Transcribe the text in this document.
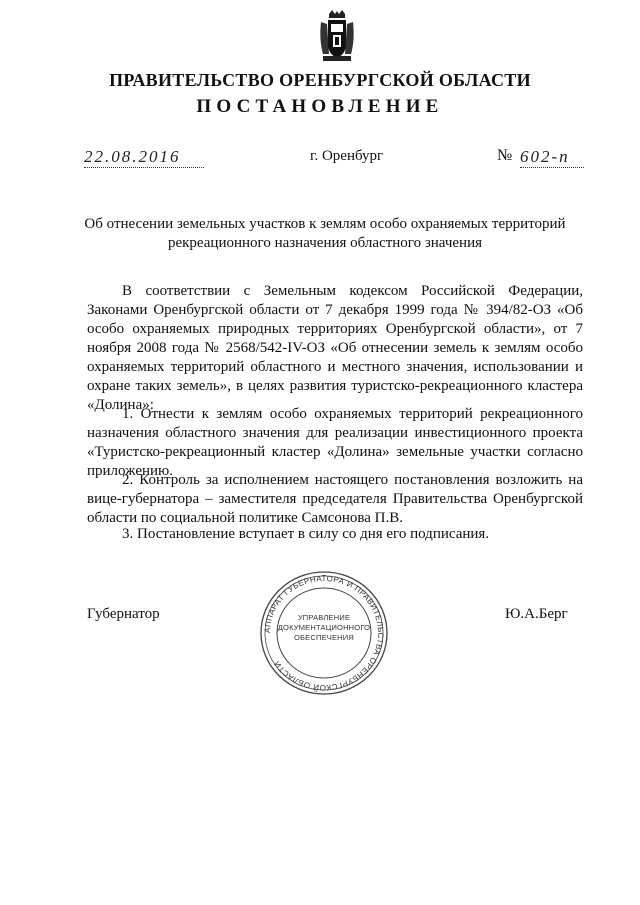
ПРАВИТЕЛЬСТВО ОРЕНБУРГСКОЙ ОБЛАСТИ
ПОСТАНОВЛЕНИЕ
22.08.2016	г. Оренбург	№ 602-п
Об отнесении земельных участков к землям особо охраняемых территорий рекреационного назначения областного значения
В соответствии с Земельным кодексом Российской Федерации, Законами Оренбургской области от 7 декабря 1999 года № 394/82-ОЗ «Об особо охраняемых природных территориях Оренбургской области», от 7 ноября 2008 года № 2568/542-IV-ОЗ «Об отнесении земель к землям особо охраняемых территорий областного и местного значения, использовании и охране таких земель», в целях развития туристско-рекреационного кластера «Долина»:
1. Отнести к землям особо охраняемых территорий рекреационного назначения областного значения для реализации инвестиционного проекта «Туристско-рекреационный кластер «Долина» земельные участки согласно приложению.
2. Контроль за исполнением настоящего постановления возложить на вице-губернатора – заместителя председателя Правительства Оренбургской области по социальной политике Самсонова П.В.
3. Постановление вступает в силу со дня его подписания.
Губернатор	Ю.А.Берг
АППАРАТ ГУБЕРНАТОРА И ПРАВИТЕЛЬСТВА ОРЕНБУРГСКОЙ ОБЛАСТИ
УПРАВЛЕНИЕ ДОКУМЕНТАЦИОННОГО ОБЕСПЕЧЕНИЯ
